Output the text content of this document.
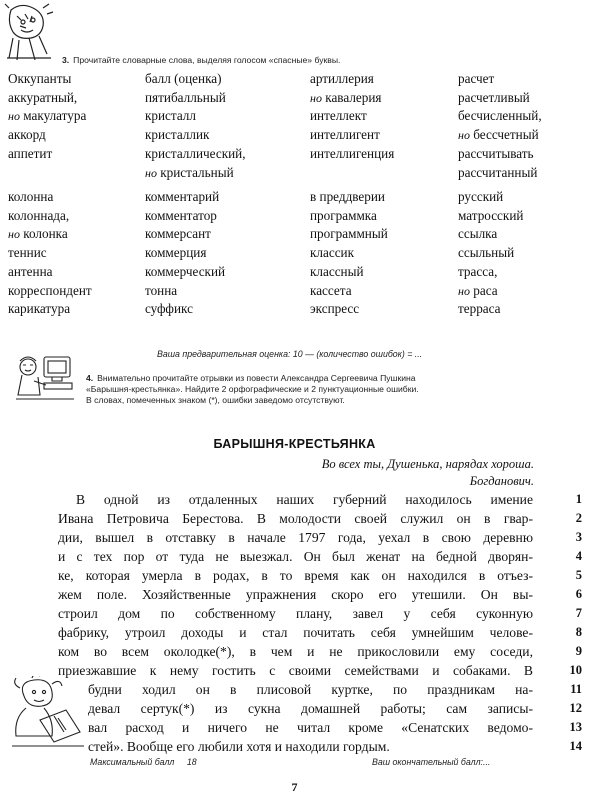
3. Прочитайте словарные слова, выделяя голосом «спасные» буквы.
Оккупанты
аккуратный,
но макулатура
аккорд
аппетит
балл (оценка)
пятибалльный
кристалл
кристаллик
кристаллический,
но кристальный
артиллерия
но кавалерия
интеллект
интеллигент
интеллигенция
расчет
расчетливый
бесчисленный,
но бессчетный
рассчитывать
рассчитанный
колонна
колоннада,
но колонка
теннис
антенна
корреспондент
карикатура
комментарий
комментатор
коммерсант
коммерция
коммерческий
тонна
суффикс
в преддверии
программка
программный
классик
классный
кассета
экспресс
русский
матросский
ссылка
ссыльный
трасса,
но раса
терраса
Ваша предварительная оценка: 10 — (количество ошибок) = ...
4. Внимательно прочитайте отрывки из повести Александра Сергеевича Пушкина
«Барышня-крестьянка». Найдите 2 орфографические и 2 пунктуационные ошибки.
В словах, помеченных знаком (*), ошибки заведомо отсутствуют.
БАРЫШНЯ-КРЕСТЬЯНКА
Во всех ты, Душенька, нарядах хороша.
Богданович.
В одной из отдаленных наших губерний находилось имение
Ивана Петровича Берестова. В молодости своей служил он в гвар-
дии, вышел в отставку в начале 1797 года, уехал в свою деревню
и с тех пор от туда не выезжал. Он был женат на бедной дворян-
ке, которая умерла в родах, в то время как он находился в отъез-
жем поле. Хозяйственные упражнения скоро его утешили. Он вы-
строил дом по собственному плану, завел у себя суконную
фабрику, утроил доходы и стал почитать себя умнейшим челове-
ком во всем околодке(*), в чем и не прикословили ему соседи,
приезжавшие к нему гостить с своими семействами и собаками. В
будни ходил он в плисовой куртке, по праздникам на-
девал сертук(*) из сукна домашней работы; сам записы-
вал расход и ничего не читал кроме «Сенатских ведомо-
стей». Вообще его любили хотя и находили гордым.
1
2
3
4
5
6
7
8
9
10
11
12
13
14
Максимальный балл 18	Ваш окончательный балл:...
7
